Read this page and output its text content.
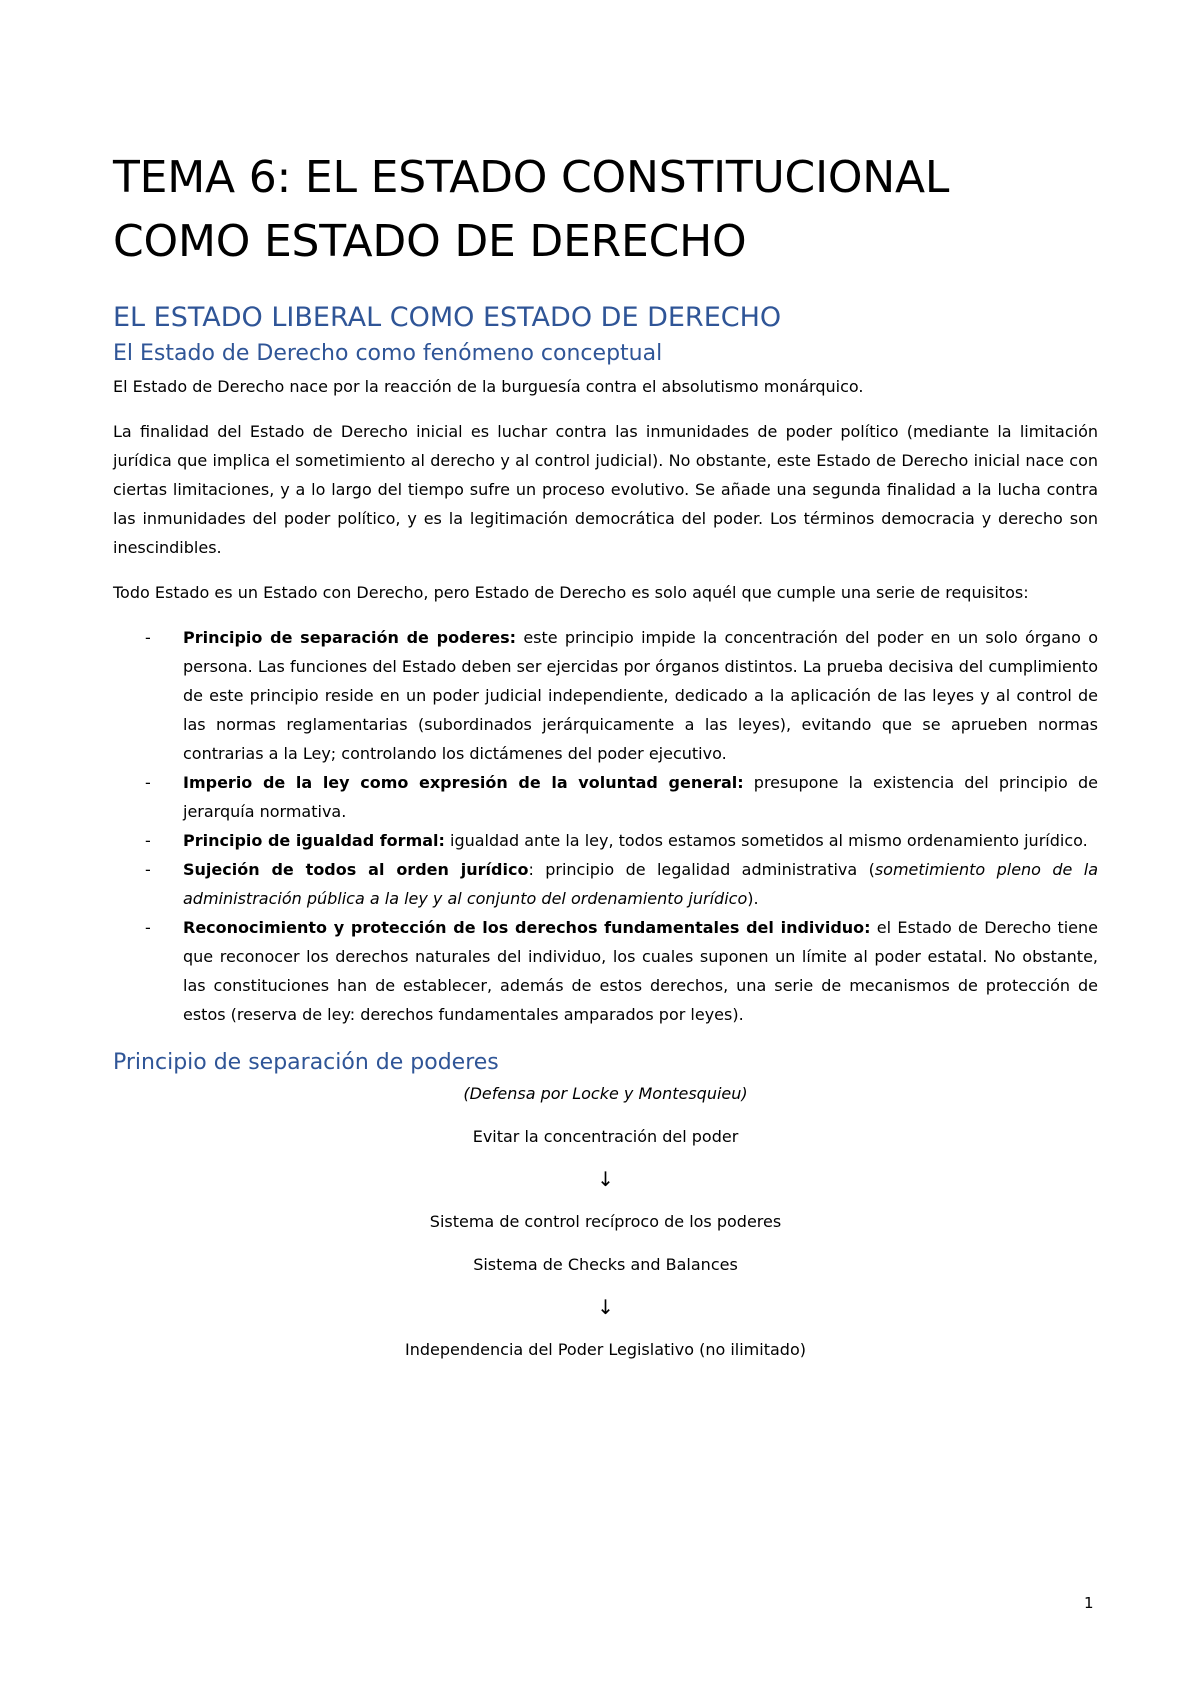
TEMA 6: EL ESTADO CONSTITUCIONAL COMO ESTADO DE DERECHO
EL ESTADO LIBERAL COMO ESTADO DE DERECHO
El Estado de Derecho como fenómeno conceptual

El Estado de Derecho nace por la reacción de la burguesía contra el absolutismo monárquico.

La finalidad del Estado de Derecho inicial es luchar contra las inmunidades de poder político (mediante la limitación jurídica que implica el sometimiento al derecho y al control judicial). No obstante, este Estado de Derecho inicial nace con ciertas limitaciones, y a lo largo del tiempo sufre un proceso evolutivo. Se añade una segunda finalidad a la lucha contra las inmunidades del poder político, y es la legitimación democrática del poder. Los términos democracia y derecho son inescindibles.

Todo Estado es un Estado con Derecho, pero Estado de Derecho es solo aquél que cumple una serie de requisitos:

- Principio de separación de poderes: este principio impide la concentración del poder en un solo órgano o persona. Las funciones del Estado deben ser ejercidas por órganos distintos. La prueba decisiva del cumplimiento de este principio reside en un poder judicial independiente, dedicado a la aplicación de las leyes y al control de las normas reglamentarias (subordinados jerárquicamente a las leyes), evitando que se aprueben normas contrarias a la Ley; controlando los dictámenes del poder ejecutivo.
- Imperio de la ley como expresión de la voluntad general: presupone la existencia del principio de jerarquía normativa.
- Principio de igualdad formal: igualdad ante la ley, todos estamos sometidos al mismo ordenamiento jurídico.
- Sujeción de todos al orden jurídico: principio de legalidad administrativa (sometimiento pleno de la administración pública a la ley y al conjunto del ordenamiento jurídico).
- Reconocimiento y protección de los derechos fundamentales del individuo: el Estado de Derecho tiene que reconocer los derechos naturales del individuo, los cuales suponen un límite al poder estatal. No obstante, las constituciones han de establecer, además de estos derechos, una serie de mecanismos de protección de estos (reserva de ley: derechos fundamentales amparados por leyes).
Principio de separación de poderes
(Defensa por Locke y Montesquieu)
Evitar la concentración del poder
↓
Sistema de control recíproco de los poderes
Sistema de Checks and Balances
↓
Independencia del Poder Legislativo (no ilimitado)
1
